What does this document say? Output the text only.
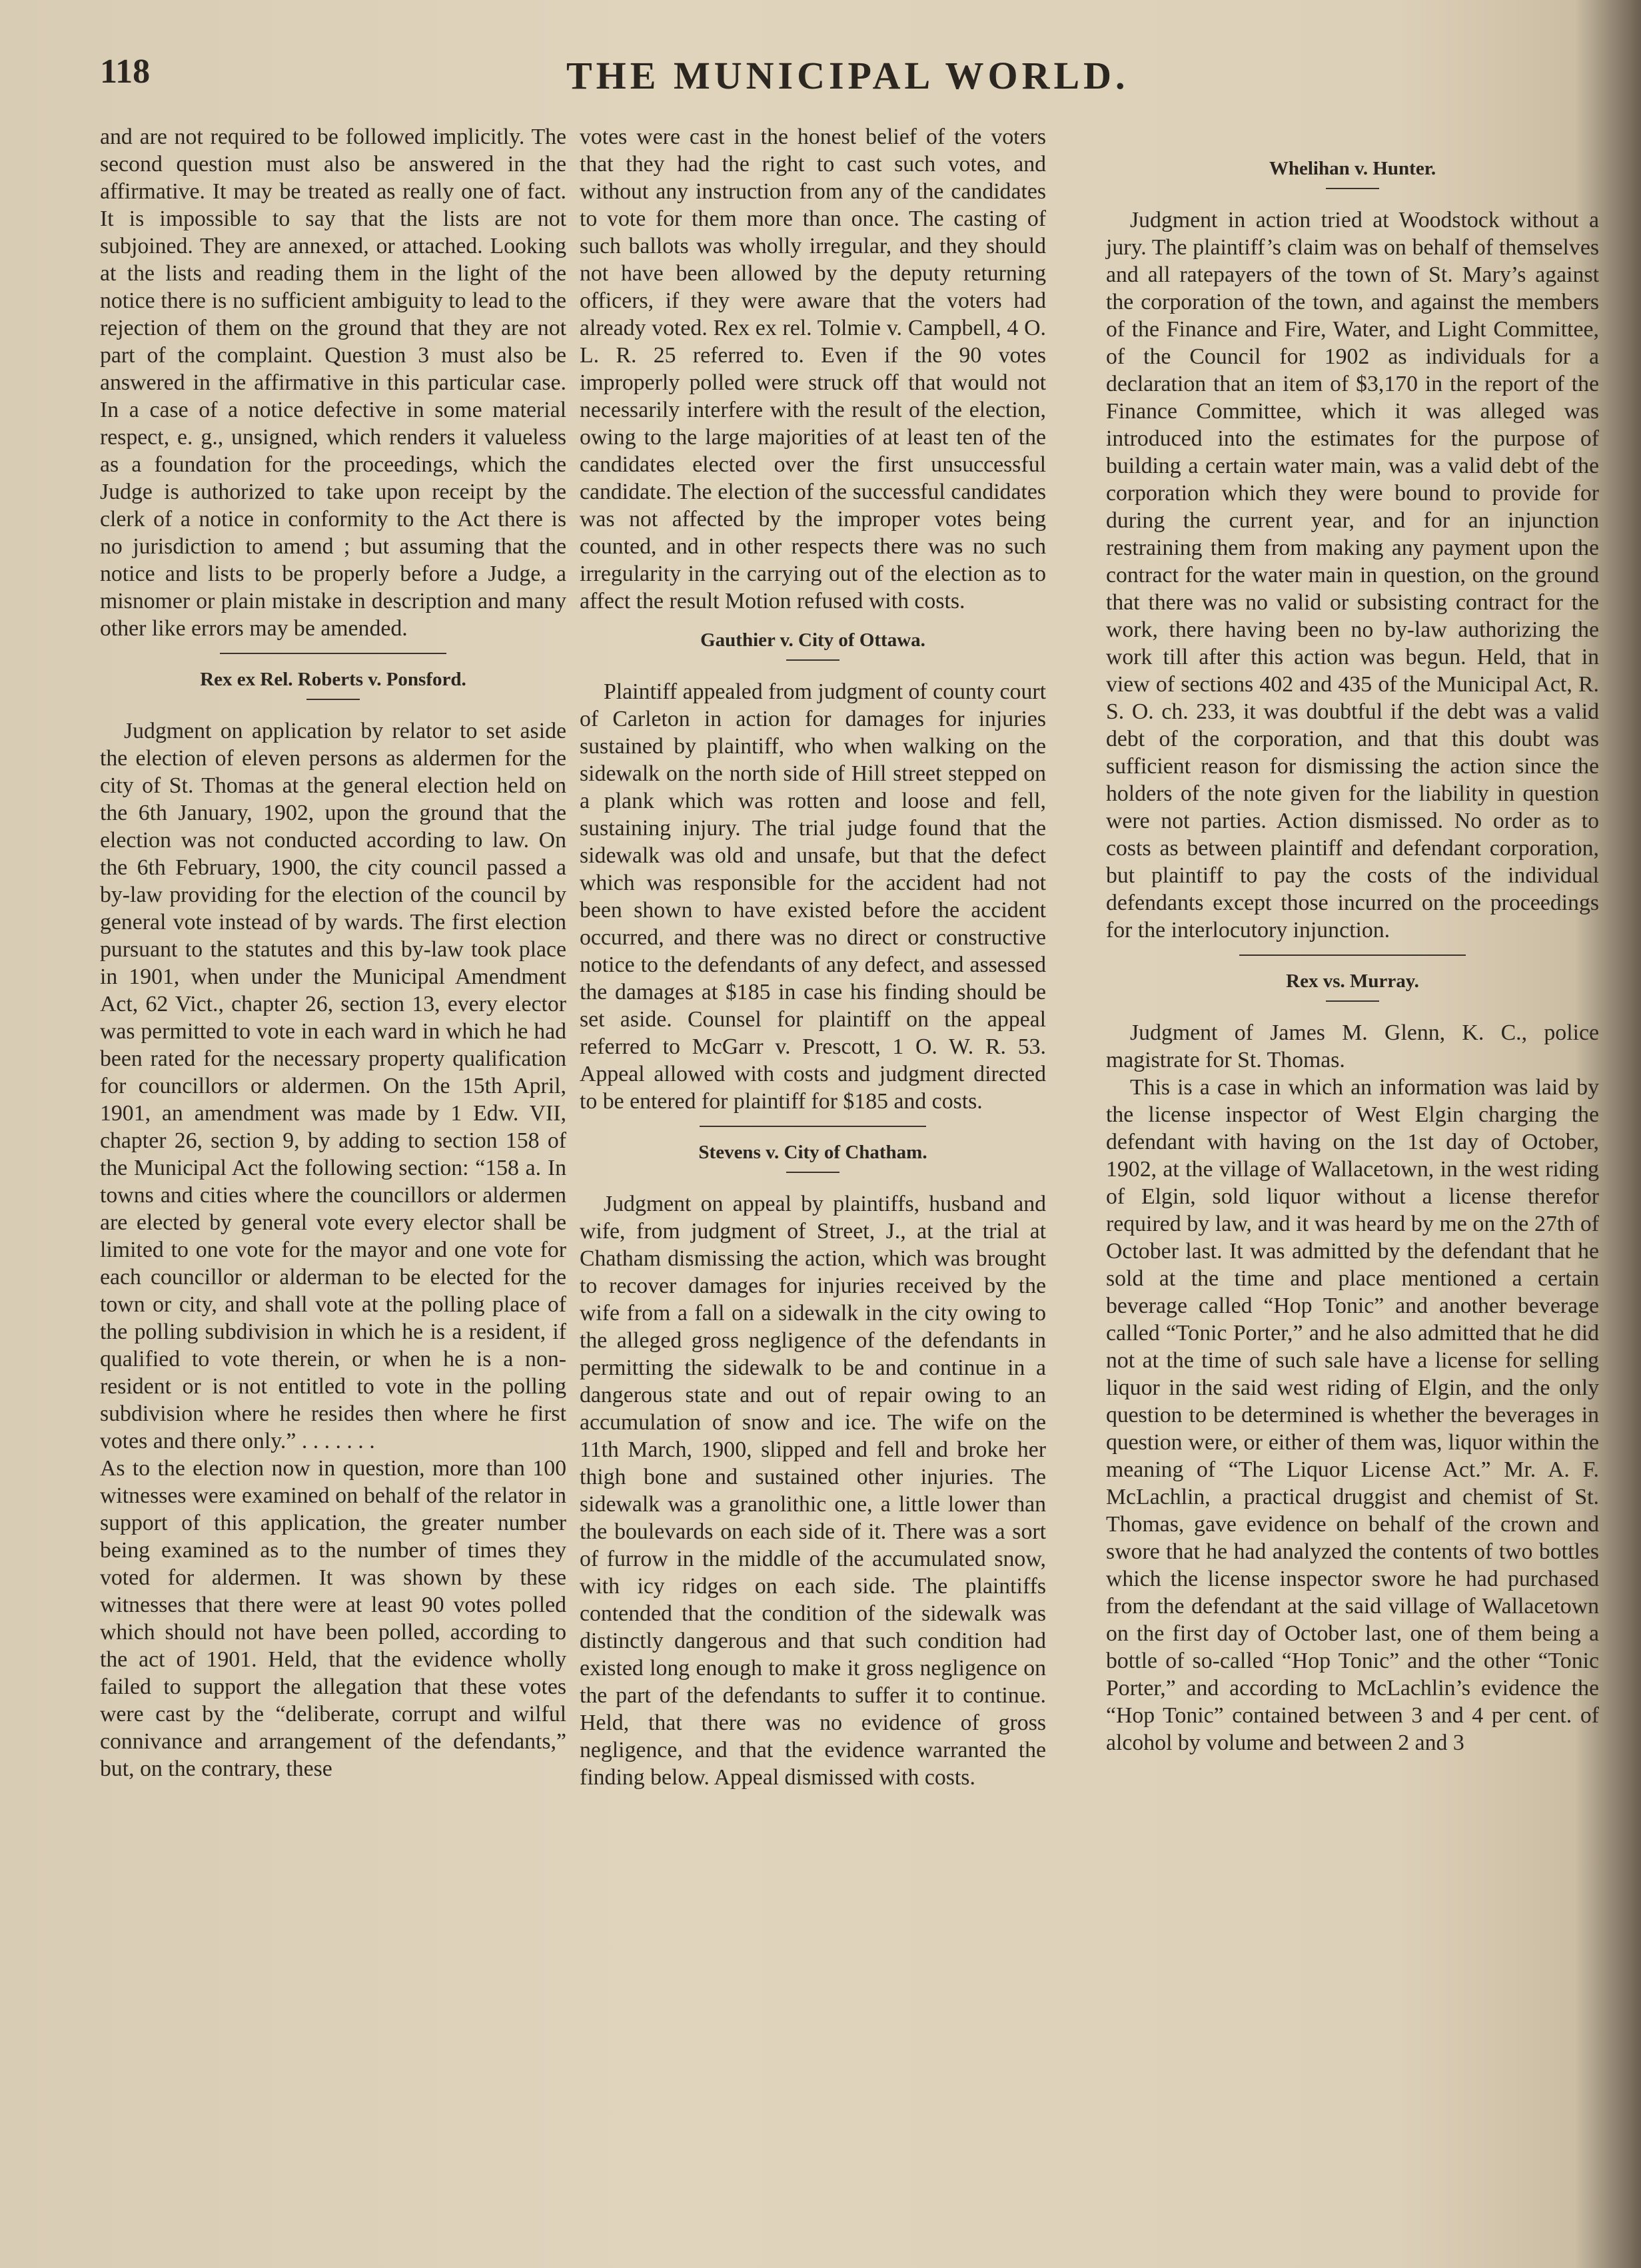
118	THE MUNICIPAL WORLD.

and are not required to be followed implicitly. The second question must also be answered in the affirmative. It may be treated as really one of fact. It is impossible to say that the lists are not subjoined. They are annexed, or attached. Looking at the lists and reading them in the light of the notice there is no sufficient ambiguity to lead to the rejection of them on the ground that they are not part of the complaint. Question 3 must also be answered in the affirmative in this particular case. In a case of a notice defective in some material respect, e. g., unsigned, which renders it valueless as a foundation for the proceedings, which the Judge is authorized to take upon receipt by the clerk of a notice in conformity to the Act there is no jurisdiction to amend ; but assuming that the notice and lists to be properly before a Judge, a misnomer or plain mistake in description and many other like errors may be amended.

Rex ex Rel. Roberts v. Ponsford.

Judgment on application by relator to set aside the election of eleven persons as aldermen for the city of St. Thomas at the general election held on the 6th January, 1902, upon the ground that the election was not conducted according to law. On the 6th February, 1900, the city council passed a by-law providing for the election of the council by general vote instead of by wards. The first election pursuant to the statutes and this by-law took place in 1901, when under the Municipal Amendment Act, 62 Vict., chapter 26, section 13, every elector was permitted to vote in each ward in which he had been rated for the necessary property qualification for councillors or aldermen. On the 15th April, 1901, an amendment was made by 1 Edw. VII, chapter 26, section 9, by adding to section 158 of the Municipal Act the following section: “158 a. In towns and cities where the councillors or aldermen are elected by general vote every elector shall be limited to one vote for the mayor and one vote for each councillor or alderman to be elected for the town or city, and shall vote at the polling place of the polling subdivision in which he is a resident, if qualified to vote therein, or when he is a non-resident or is not entitled to vote in the polling subdivision where he resides then where he first votes and there only.” . . . . . . .

As to the election now in question, more than 100 witnesses were examined on behalf of the relator in support of this application, the greater number being examined as to the number of times they voted for aldermen. It was shown by these witnesses that there were at least 90 votes polled which should not have been polled, according to the act of 1901. Held, that the evidence wholly failed to support the allegation that these votes were cast by the “deliberate, corrupt and wilful connivance and arrangement of the defendants,” but, on the contrary, these

votes were cast in the honest belief of the voters that they had the right to cast such votes, and without any instruction from any of the candidates to vote for them more than once. The casting of such ballots was wholly irregular, and they should not have been allowed by the deputy returning officers, if they were aware that the voters had already voted. Rex ex rel. Tolmie v. Campbell, 4 O. L. R. 25 referred to. Even if the 90 votes improperly polled were struck off that would not necessarily interfere with the result of the election, owing to the large majorities of at least ten of the candidates elected over the first unsuccessful candidate. The election of the successful candidates was not affected by the improper votes being counted, and in other respects there was no such irregularity in the carrying out of the election as to affect the result Motion refused with costs.

Gauthier v. City of Ottawa.

Plaintiff appealed from judgment of county court of Carleton in action for damages for injuries sustained by plaintiff, who when walking on the sidewalk on the north side of Hill street stepped on a plank which was rotten and loose and fell, sustaining injury. The trial judge found that the sidewalk was old and unsafe, but that the defect which was responsible for the accident had not been shown to have existed before the accident occurred, and there was no direct or constructive notice to the defendants of any defect, and assessed the damages at $185 in case his finding should be set aside. Counsel for plaintiff on the appeal referred to McGarr v. Prescott, 1 O. W. R. 53. Appeal allowed with costs and judgment directed to be entered for plaintiff for $185 and costs.

Stevens v. City of Chatham.

Judgment on appeal by plaintiffs, husband and wife, from judgment of Street, J., at the trial at Chatham dismissing the action, which was brought to recover damages for injuries received by the wife from a fall on a sidewalk in the city owing to the alleged gross negligence of the defendants in permitting the sidewalk to be and continue in a dangerous state and out of repair owing to an accumulation of snow and ice. The wife on the 11th March, 1900, slipped and fell and broke her thigh bone and sustained other injuries. The sidewalk was a granolithic one, a little lower than the boulevards on each side of it. There was a sort of furrow in the middle of the accumulated snow, with icy ridges on each side. The plaintiffs contended that the condition of the sidewalk was distinctly dangerous and that such condition had existed long enough to make it gross negligence on the part of the defendants to suffer it to continue. Held, that there was no evidence of gross negligence, and that the evidence warranted the finding below. Appeal dismissed with costs.

Whelihan v. Hunter.

Judgment in action tried at Woodstock without a jury. The plaintiff’s claim was on behalf of themselves and all ratepayers of the town of St. Mary’s against the corporation of the town, and against the members of the Finance and Fire, Water, and Light Committee, of the Council for 1902 as individuals for a declaration that an item of $3,170 in the report of the Finance Committee, which it was alleged was introduced into the estimates for the purpose of building a certain water main, was a valid debt of the corporation which they were bound to provide for during the current year, and for an injunction restraining them from making any payment upon the contract for the water main in question, on the ground that there was no valid or subsisting contract for the work, there having been no by-law authorizing the work till after this action was begun. Held, that in view of sections 402 and 435 of the Municipal Act, R. S. O. ch. 233, it was doubtful if the debt was a valid debt of the corporation, and that this doubt was sufficient reason for dismissing the action since the holders of the note given for the liability in question were not parties. Action dismissed. No order as to costs as between plaintiff and defendant corporation, but plaintiff to pay the costs of the individual defendants except those incurred on the proceedings for the interlocutory injunction.

Rex vs. Murray.

Judgment of James M. Glenn, K. C., police magistrate for St. Thomas.

This is a case in which an information was laid by the license inspector of West Elgin charging the defendant with having on the 1st day of October, 1902, at the village of Wallacetown, in the west riding of Elgin, sold liquor without a license therefor required by law, and it was heard by me on the 27th of October last. It was admitted by the defendant that he sold at the time and place mentioned a certain beverage called “Hop Tonic” and another beverage called “Tonic Porter,” and he also admitted that he did not at the time of such sale have a license for selling liquor in the said west riding of Elgin, and the only question to be determined is whether the beverages in question were, or either of them was, liquor within the meaning of “The Liquor License Act.” Mr. A. F. McLachlin, a practical druggist and chemist of St. Thomas, gave evidence on behalf of the crown and swore that he had analyzed the contents of two bottles which the license inspector swore he had purchased from the defendant at the said village of Wallacetown on the first day of October last, one of them being a bottle of so-called “Hop Tonic” and the other “Tonic Porter,” and according to McLachlin’s evidence the “Hop Tonic” contained between 3 and 4 per cent. of alcohol by volume and between 2 and 3
